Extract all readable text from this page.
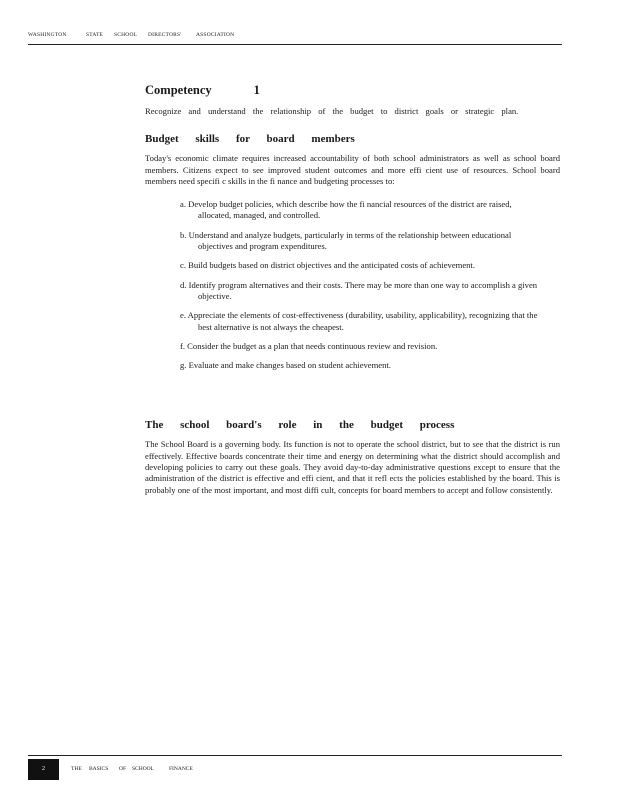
WASHINGTON	STATE SCHOOL DIRECTORS'	ASSOCIATION
Competency	1

Recognize and understand the relationship of the budget to district goals or strategic plan.

Budget skills for board members

Today's economic climate requires increased accountability of both school administrators as well as school board members. Citizens expect to see improved student outcomes and more effi cient use of resources. School board members need specifi c skills in the fi nance and budgeting processes to:

a. Develop budget policies, which describe how the fi nancial resources of the district are raised, allocated, managed, and controlled.
b. Understand and analyze budgets, particularly in terms of the relationship between educational objectives and program expenditures.
c. Build budgets based on district objectives and the anticipated costs of achievement.
d. Identify program alternatives and their costs. There may be more than one way to accomplish a given objective.
e. Appreciate the elements of cost-effectiveness (durability, usability, applicability), recognizing that the best alternative is not always the cheapest.
f. Consider the budget as a plan that needs continuous review and revision.
g. Evaluate and make changes based on student achievement.
The school board's role in the budget process

The School Board is a governing body. Its function is not to operate the school district, but to see that the district is run effectively. Effective boards concentrate their time and energy on determining what the district should accomplish and developing policies to carry out these goals. They avoid day-to-day administrative questions except to ensure that the administration of the district is effective and effi cient, and that it refl ects the policies established by the board. This is probably one of the most important, and most diffi cult, concepts for board members to accept and follow consistently.

2	THE BASICS OF SCHOOL	FINANCE
